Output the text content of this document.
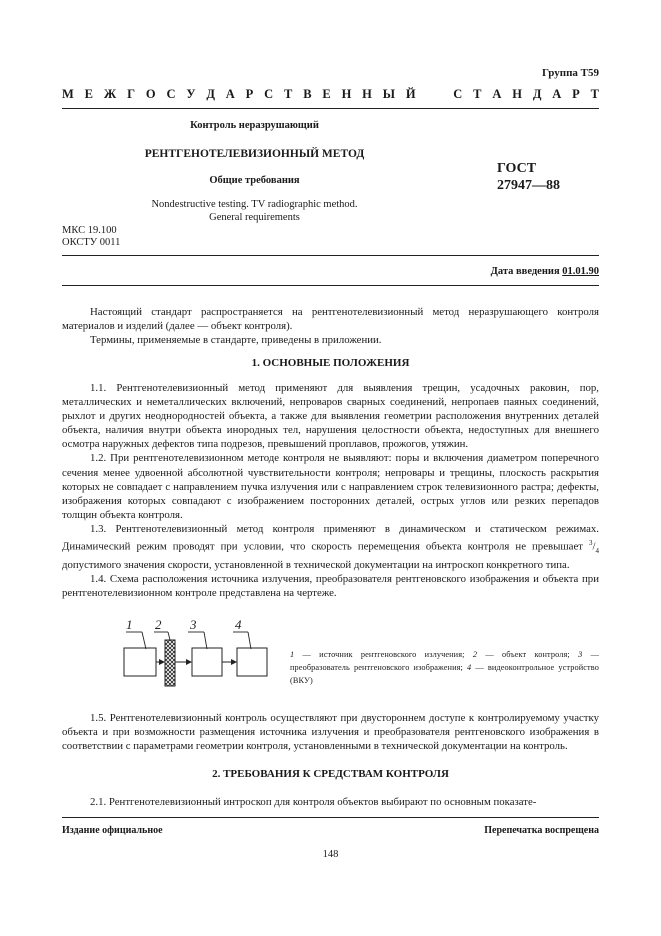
Группа Т59
М Е Ж Г О С У Д А Р С Т В Е Н Н Ы Й	С Т А Н Д А Р Т
Контроль неразрушающий
РЕНТГЕНОТЕЛЕВИЗИОННЫЙ МЕТОД
Общие требования
Nondestructive testing. TV radiographic method.
General requirements
ГОСТ
27947—88
МКС 19.100
ОКСТУ 0011
Дата введения 01.01.90

Настоящий стандарт распространяется на рентгенотелевизионный метод неразрушающего контроля материалов и изделий (далее — объект контроля).

Термины, применяемые в стандарте, приведены в приложении.

1. ОСНОВНЫЕ ПОЛОЖЕНИЯ

1.1. Рентгенотелевизионный метод применяют для выявления трещин, усадочных раковин, пор, металлических и неметаллических включений, непроваров сварных соединений, непропаев паяных соединений, рыхлот и других неоднородностей объекта, а также для выявления геометрии расположения внутренних деталей объекта, наличия внутри объекта инородных тел, нарушения целостности объекта, недоступных для внешнего осмотра наружных дефектов типа подрезов, превышений проплавов, прожогов, утяжин.

1.2. При рентгенотелевизионном методе контроля не выявляют: поры и включения диаметром поперечного сечения менее удвоенной абсолютной чувствительности контроля; непровары и трещины, плоскость раскрытия которых не совпадает с направлением пучка излучения или с направлением строк телевизионного растра; дефекты, изображения которых совпадают с изображением посторонних деталей, острых углов или резких перепадов толщин объекта контроля.

1.3. Рентгенотелевизионный метод контроля применяют в динамическом и статическом режимах. Динамический режим проводят при условии, что скорость перемещения объекта контроля не превышает $^3/_4$ допустимого значения скорости, установленной в технической документации на интроскоп конкретного типа.

1.4. Схема расположения источника излучения, преобразователя рентгеновского изображения и объекта при рентгенотелевизионном контроле представлена на чертеже.

1 2 3	4
1 — источник рентгеновского излучения; 2 — объект контроля; 3 — преобразователь рентгеновского изображения; 4 — видеоконтрольное устройство (ВКУ)

1.5. Рентгенотелевизионный контроль осуществляют при двустороннем доступе к контролируемому участку объекта и при возможности размещения источника излучения и преобразователя рентгеновского изображения в соответствии с параметрами геометрии контроля, установленными в технической документации на контроль.

2. ТРЕБОВАНИЯ К СРЕДСТВАМ КОНТРОЛЯ

2.1. Рентгенотелевизионный интроскоп для контроля объектов выбирают по основным показате-

Издание официальное	Перепечатка воспрещена
148
